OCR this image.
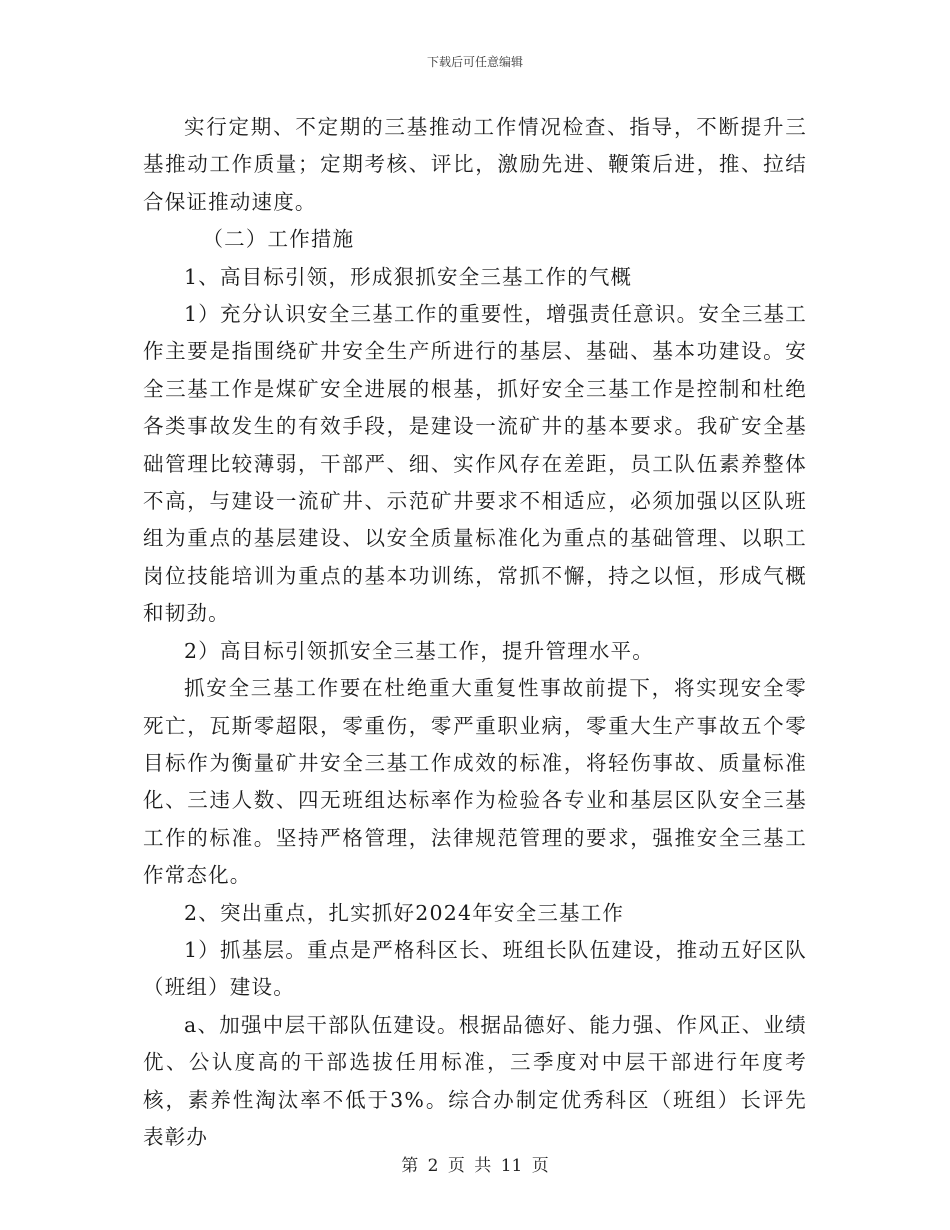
下载后可任意编辑

实行定期、不定期的三基推动工作情况检查、指导，不断提升三基推动工作质量；定期考核、评比，激励先进、鞭策后进，推、拉结合保证推动速度。

（二）工作措施

1、高目标引领，形成狠抓安全三基工作的气概

1）充分认识安全三基工作的重要性，增强责任意识。安全三基工作主要是指围绕矿井安全生产所进行的基层、基础、基本功建设。安全三基工作是煤矿安全进展的根基，抓好安全三基工作是控制和杜绝各类事故发生的有效手段，是建设一流矿井的基本要求。我矿安全基础管理比较薄弱，干部严、细、实作风存在差距，员工队伍素养整体不高，与建设一流矿井、示范矿井要求不相适应，必须加强以区队班组为重点的基层建设、以安全质量标准化为重点的基础管理、以职工岗位技能培训为重点的基本功训练，常抓不懈，持之以恒，形成气概和韧劲。

2）高目标引领抓安全三基工作，提升管理水平。

抓安全三基工作要在杜绝重大重复性事故前提下，将实现安全零死亡，瓦斯零超限，零重伤，零严重职业病，零重大生产事故五个零目标作为衡量矿井安全三基工作成效的标准，将轻伤事故、质量标准化、三违人数、四无班组达标率作为检验各专业和基层区队安全三基工作的标准。坚持严格管理，法律规范管理的要求，强推安全三基工作常态化。

2、突出重点，扎实抓好2024年安全三基工作

1）抓基层。重点是严格科区长、班组长队伍建设，推动五好区队（班组）建设。

a、加强中层干部队伍建设。根据品德好、能力强、作风正、业绩优、公认度高的干部选拔任用标准，三季度对中层干部进行年度考核，素养性淘汰率不低于3%。综合办制定优秀科区（班组）长评先表彰办

第 2 页 共 11 页
